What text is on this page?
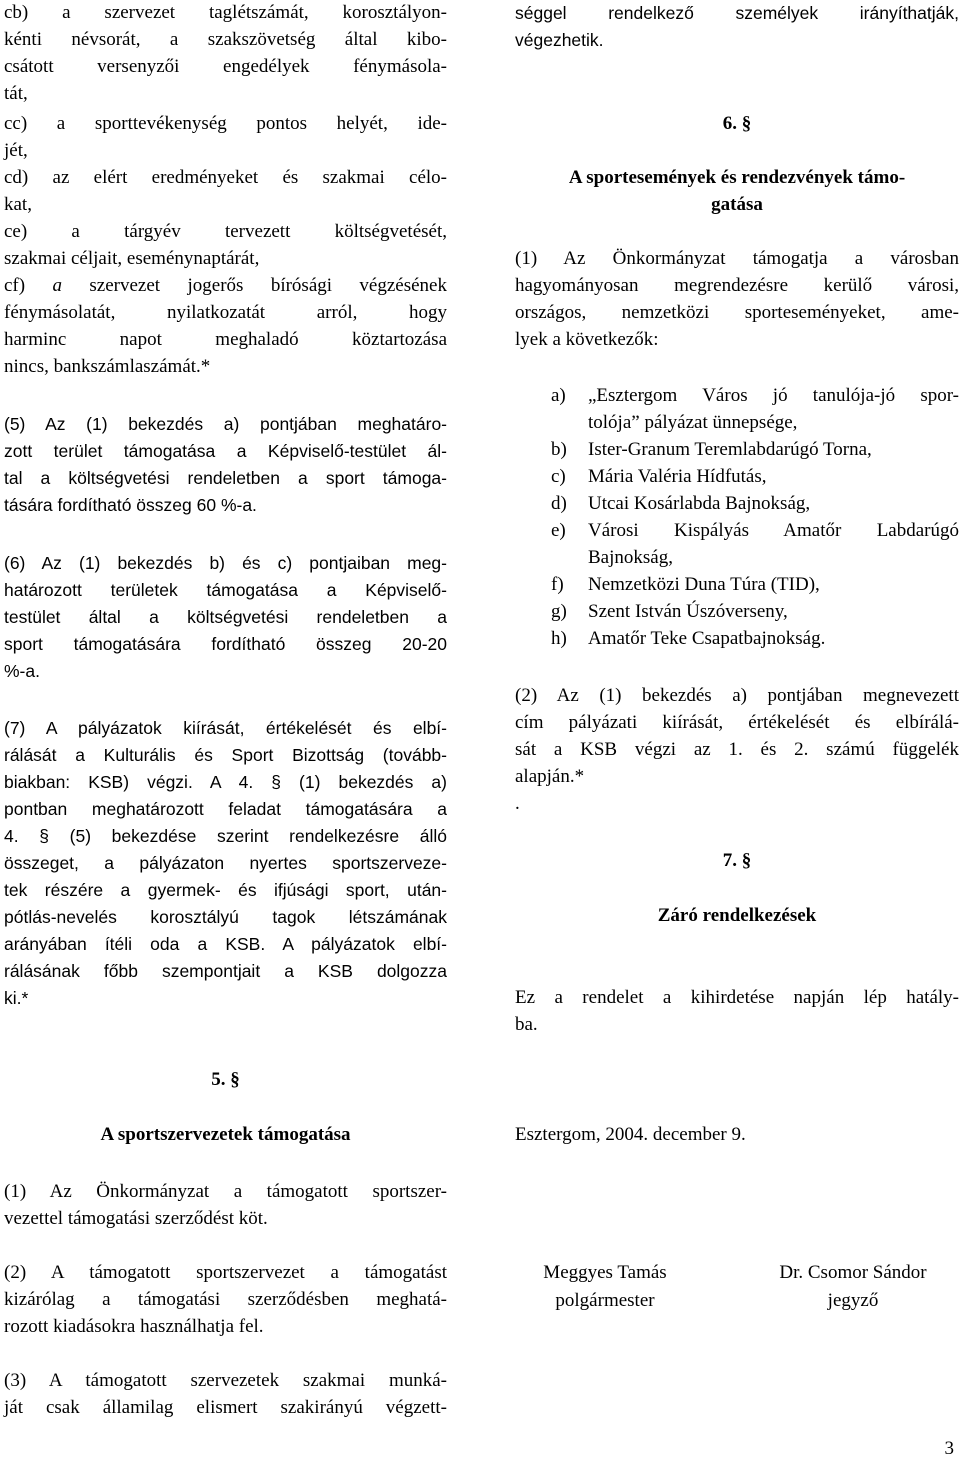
cb) a szervezet taglétszámát, korosztályon-
kénti névsorát, a szakszövetség által kibo-
csátott versenyzői engedélyek fénymásola-
tát,
cc) a sporttevékenység pontos helyét, ide-
jét,
cd) az elért eredményeket és szakmai célo-
kat,
ce) a tárgyév tervezett költségvetését,
szakmai céljait, eseménynaptárát,
cf) a szervezet jogerős bírósági végzésének
fénymásolatát, nyilatkozatát arról, hogy
harminc napot meghaladó köztartozása
nincs, bankszámlaszámát.*
(5) Az (1) bekezdés a) pontjában meghatáro-
zott terület támogatása a Képviselő-testület ál-
tal a költségvetési rendeletben a sport támoga-
tására fordítható összeg 60 %-a.
(6) Az (1) bekezdés b) és c) pontjaiban meg-
határozott területek támogatása a Képviselő-
testület által a költségvetési rendeletben a
sport támogatására fordítható összeg 20-20
%-a.
(7) A pályázatok kiírását, értékelését és elbí-
rálását a Kulturális és Sport Bizottság (tovább-
biakban: KSB) végzi. A 4. § (1) bekezdés a)
pontban meghatározott feladat támogatására a
4. § (5) bekezdése szerint rendelkezésre álló
összeget, a pályázaton nyertes sportszerveze-
tek részére a gyermek- és ifjúsági sport, után-
pótlás-nevelés korosztályú tagok létszámának
arányában ítéli oda a KSB. A pályázatok elbí-
rálásának főbb szempontjait a KSB dolgozza
ki.*
5. §
A sportszervezetek támogatása
(1) Az Önkormányzat a támogatott sportszer-
vezettel támogatási szerződést köt.
(2) A támogatott sportszervezet a támogatást
kizárólag a támogatási szerződésben meghatá-
rozott kiadásokra használhatja fel.
(3) A támogatott szervezetek szakmai munká-
ját csak államilag elismert szakirányú végzett-
séggel rendelkező személyek irányíthatják,
végezhetik.
6. §
A sportesemények és rendezvények támo-
gatása
(1) Az Önkormányzat támogatja a városban
hagyományosan megrendezésre kerülő városi,
országos, nemzetközi sporteseményeket, ame-
lyek a következők:
a) „Esztergom Város jó tanulója-jó spor-
tolója” pályázat ünnepsége,
b) Ister-Granum Teremlabdarúgó Torna,
c) Mária Valéria Hídfutás,
d) Utcai Kosárlabda Bajnokság,
e) Városi Kispályás Amatőr Labdarúgó
Bajnokság,
f) Nemzetközi Duna Túra (TID),
g) Szent István Úszóverseny,
h) Amatőr Teke Csapatbajnokság.
(2) Az (1) bekezdés a) pontjában megnevezett
cím pályázati kiírását, értékelését és elbírálá-
sát a KSB végzi az 1. és 2. számú függelék
alapján.*
.
7. §
Záró rendelkezések
Ez a rendelet a kihirdetése napján lép hatály-
ba.
Esztergom, 2004. december 9.
Meggyes Tamás
polgármester
Dr. Csomor Sándor
jegyző
3
